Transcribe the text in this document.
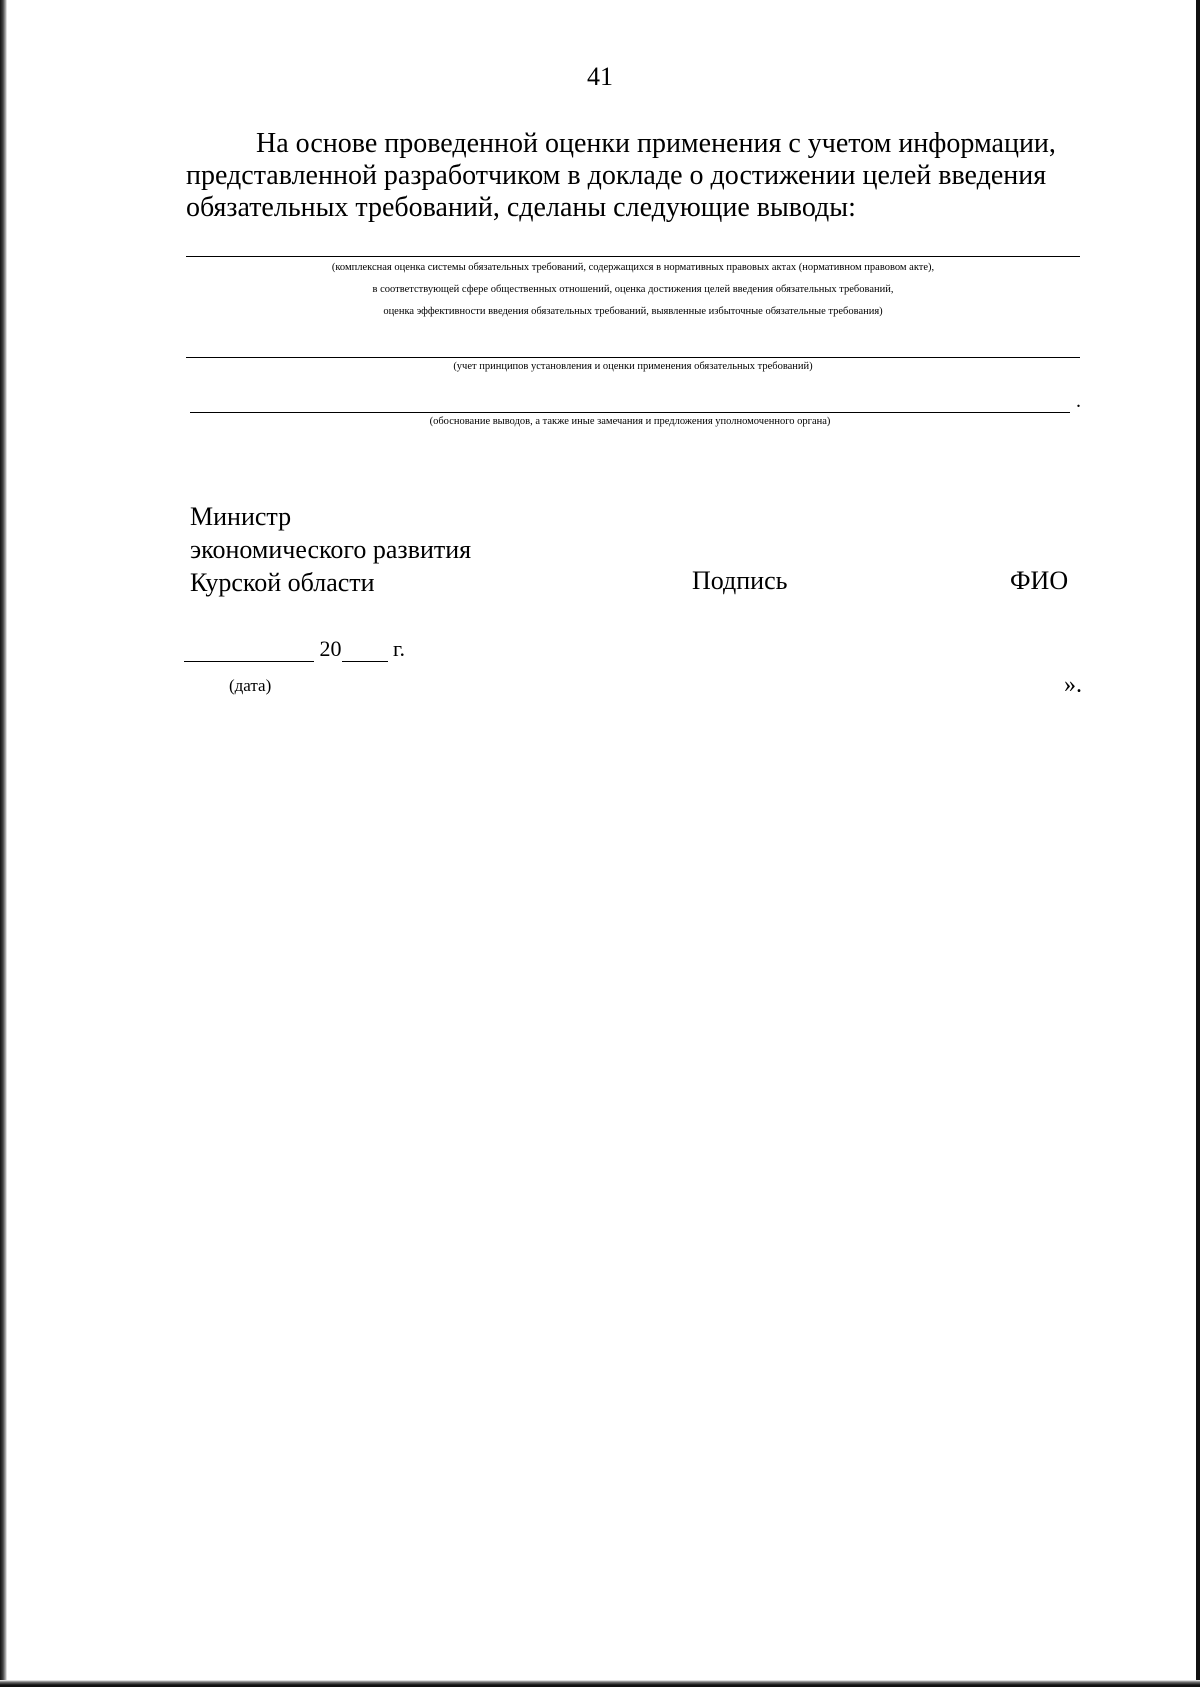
41

На основе проведенной оценки применения с учетом информации,
представленной разработчиком в докладе о достижении целей введения
обязательных требований, сделаны следующие выводы:

(комплексная оценка системы обязательных требований, содержащихся в нормативных правовых актах (нормативном правовом акте),
в соответствующей сфере общественных отношений, оценка достижения целей введения обязательных требований,
оценка эффективности введения обязательных требований, выявленные избыточные обязательные требования)
(учет принципов установления и оценки применения обязательных требований)
.
(обоснование выводов, а также иные замечания и предложения уполномоченного органа)
Министр
экономического развития
Курской области	Подпись	ФИО
20 г.
(дата)	».
